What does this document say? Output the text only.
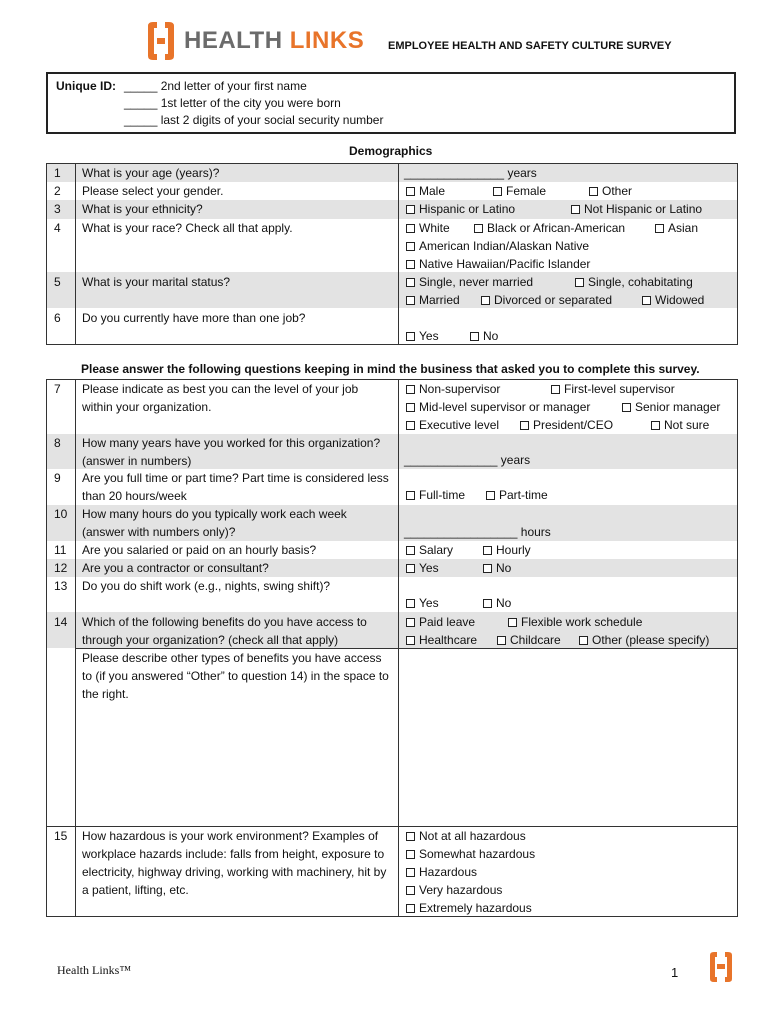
HEALTH LINKS EMPLOYEE HEALTH AND SAFETY CULTURE SURVEY
Unique ID: _____ 2nd letter of your first name
_____ 1st letter of the city you were born
_____ last 2 digits of your social security number
Demographics
1	What is your age (years)?	_______________ years
2	Please select your gender.	Male	Female	Other
3	What is your ethnicity?	Hispanic or Latino	Not Hispanic or Latino
4	What is your race? Check all that apply.	White	Black or African-American	Asian
American Indian/Alaskan Native
Native Hawaiian/Pacific Islander
5	What is your marital status?	Single, never married	Single, cohabitating
Married	Divorced or separated	Widowed
6	Do you currently have more than one job?
Yes	No
Please answer the following questions keeping in mind the business that asked you to complete this survey.
7	Please indicate as best you can the level of your job within your organization.
Non-supervisor	First-level supervisor
Mid-level supervisor or manager	Senior manager
Executive level	President/CEO	Not sure
8	How many years have you worked for this organization? (answer in numbers)	______________ years
9	Are you full time or part time? Part time is considered less than 20 hours/week	Full-time	Part-time
10	How many hours do you typically work each week (answer with numbers only)?	_________________ hours
11	Are you salaried or paid on an hourly basis?	Salary	Hourly
12	Are you a contractor or consultant?	Yes	No
13	Do you do shift work (e.g., nights, swing shift)?
Yes	No
14	Which of the following benefits do you have access to through your organization? (check all that apply)
Paid leave	Flexible work schedule
Healthcare	Childcare	Other (please specify)
Please describe other types of benefits you have access to (if you answered “Other” to question 14) in the space to the right.
15	How hazardous is your work environment? Examples of workplace hazards include: falls from height, exposure to electricity, highway driving, working with machinery, hit by a patient, lifting, etc.
Not at all hazardous
Somewhat hazardous
Hazardous
Very hazardous
Extremely hazardous
Health Links™	1
